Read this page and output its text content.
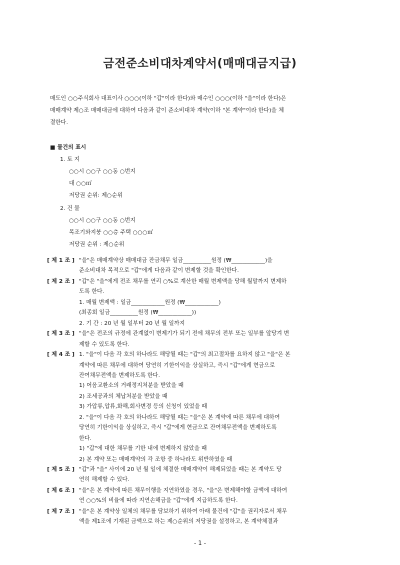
금전준소비대차계약서(매매대금지급)
매도인 ○○주식회사 대표이사 ○○○(이하 "갑"이라 한다)와 매수인 ○○○(이하 "을"이라 한다)은
매매계약 제○조 매매대금에 대하여 다음과 같이 준소비대차 계약(이하 "본 계약"이라 한다)을 체
결한다.
■ 물건의 표시
1. 토 지
○○시 ○○구 ○○동 ○번지
대 ○○㎡
저당권 순위: 제○순위
2. 건 물
○○시 ○○구 ○○동 ○번지
목조기와지붕 ○○층 주택 ○○○㎡
저당권 순위 : 제○순위
[ 제 1 조 ] "을"은 매매계약상 매매대금 잔금채무 일금__________원정 (₩____________)을
준소비대차 목적으로 "갑"에게 다음과 같이 변제할 것을 확인한다.
[ 제 2 조 ] "갑"은 "을"에게 전조 채무를 연리 ○%로 계산한 매월 변제액을 당해 월말까지 변제하
도록 한다.
1. 매월 변제액 : 일금____________원정 (₩____________)
(최종회 일금__________원정 (₩____________))
2. 기 간 : 20 년 월 일부터 20 년 월 일까지
[ 제 3 조 ] "을"은 전조의 규정에 관계없이 변제기가 되기 전에 채무의 전부 또는 일부를 앞당겨 변
제할 수 있도록 한다.
[ 제 4 조 ] 1. "을"이 다음 각 호의 하나라도 해당될 때는 "갑"의 최고절차를 요하지 않고 "을"은 본
계약에 따른 채무에 대하여 당연히 기한이익을 상실하고, 즉시 "갑"에게 현금으로
잔여채무전액을 변제하도록 한다.
1) 어음교환소의 거래정지처분을 받았을 때
2) 조세공과의 체납처분을 받았을 때
3) 가압류,압류,화해,회사변경 등의 신청이 있었을 때
2. "을"이 다음 각 호의 하나라도 해당될 때는 "을"은 본 계약에 따른 채무에 대하여
당연히 기한이익을 상실하고, 즉시 "갑"에게 현금으로 잔여채무전액을 변제하도록
한다.
1) "갑"에 대한 채무를 기한 내에 변제하지 않았을 때
2) 본 계약 또는 매매계약의 각 조항 중 하나라도 위반하였을 때
[ 제 5 조 ] "갑"과 "을" 사이에 20 년 월 일에 체결한 매매계약이 해제되었을 때는 본 계약도 당
연히 해제할 수 있다.
[ 제 6 조 ] "을"은 본 계약에 따른 채무이행을 지연하였을 경우, "을"은 변제해야할 금액에 대하여
연 ○○%의 비율에 따라 지연손해금을 "갑"에게 지급하도록 한다.
[ 제 7 조 ] "을"은 본 계약상 일체의 채무를 담보하기 위하여 아래 물건에 "갑"을 권리자로서 채무
액을 제1조에 기재된 금액으로 하는 제○순위의 저당권을 설정하고, 본 계약체결과
- 1 -
